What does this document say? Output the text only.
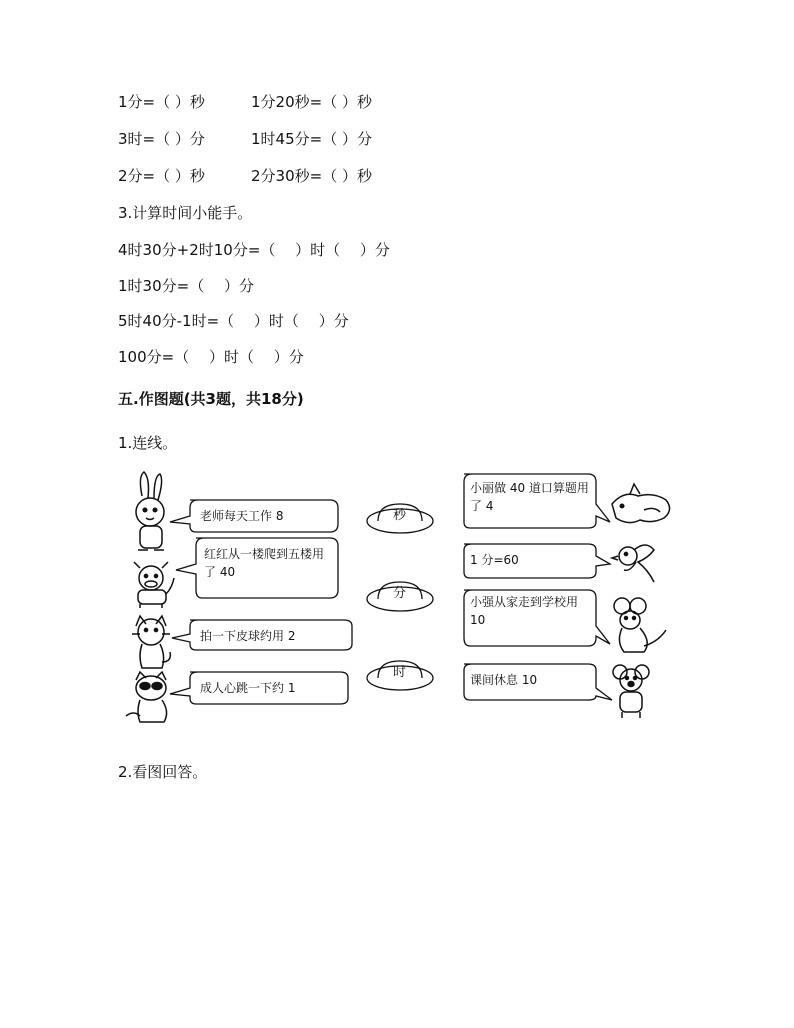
1分=（ ）秒	1分20秒=（ ）秒
3时=（ ）分	1时45分=（ ）分
2分=（ ）秒	2分30秒=（ ）秒
3.计算时间小能手。
4时30分+2时10分=（　 ）时（　 ）分
1时30分=（　 ）分
5时40分-1时=（　 ）时（　 ）分
100分=（　 ）时（　 ）分
五.作图题(共3题，共18分)
1.连线。
老师每天工作 8
红红从一楼爬到五楼用
了 40
拍一下皮球约用 2
成人心跳一下约 1
秒
分
时
小丽做 40 道口算题用
了 4
1 分=60
小强从家走到学校用
10
课间休息 10
2.看图回答。
